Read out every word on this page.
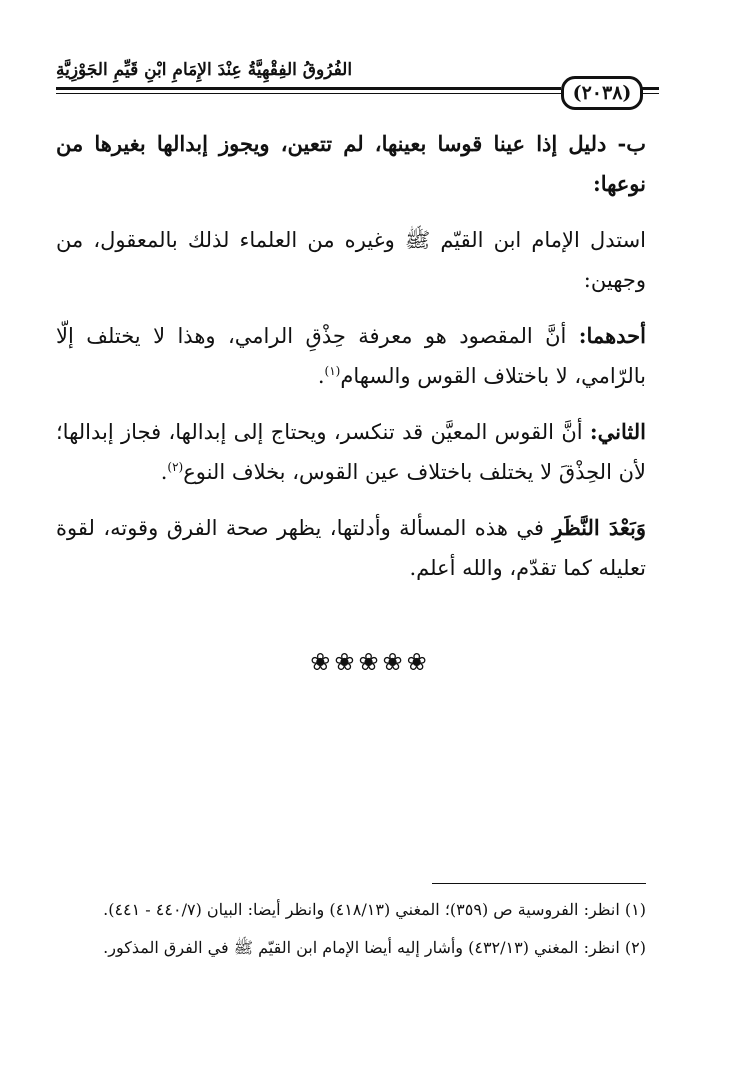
الفُرُوقُ الفِقْهِيَّةُ عِنْدَ الإِمَامِ ابْنِ قَيِّمِ الجَوْزِيَّةِ
(٢٠٣٨)

ب- دليل إذا عينا قوسا بعينها، لم تتعين، ويجوز إبدالها بغيرها من نوعها:

استدل الإمام ابن القيّم ﷺ وغيره من العلماء لذلك بالمعقول، من وجهين:

أحدهما: أنَّ المقصود هو معرفة حِذْقِ الرامي، وهذا لا يختلف إلّا بالرّامي، لا باختلاف القوس والسهام$^{(١)}$.

الثاني: أنَّ القوس المعيَّن قد تنكسر، ويحتاج إلى إبدالها، فجاز إبدالها؛ لأن الحِذْقَ لا يختلف باختلاف عين القوس، بخلاف النوع$^{(٢)}$.

وَبَعْدَ النَّظَرِ في هذه المسألة وأدلتها، يظهر صحة الفرق وقوته، لقوة تعليله كما تقدّم، والله أعلم.

❀❀❀❀❀

(١) انظر: الفروسية ص (٣٥٩)؛ المغني (٤١٨/١٣) وانظر أيضا: البيان (٤٤٠/٧ - ٤٤١).

(٢) انظر: المغني (٤٣٢/١٣) وأشار إليه أيضا الإمام ابن القيّم ﷺ في الفرق المذكور.
